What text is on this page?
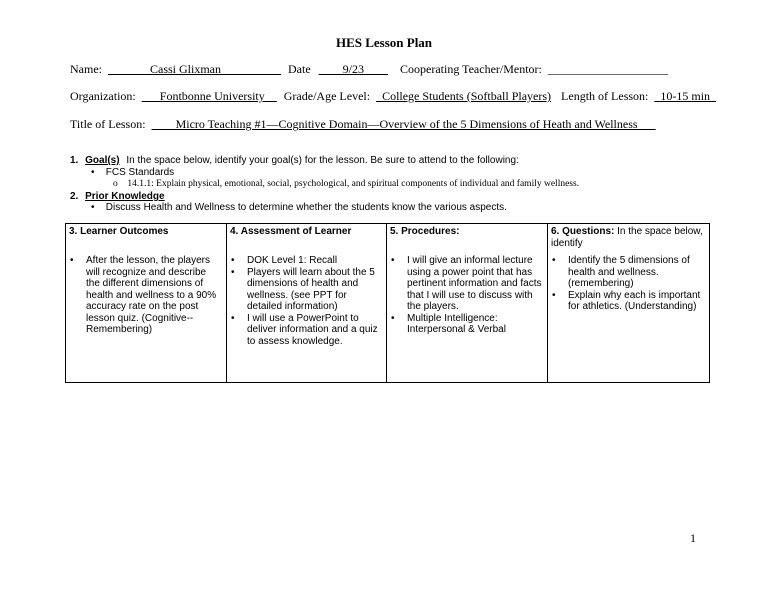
HES Lesson Plan
Name: _______Cassi Glixman__________ Date ____9/23____ Cooperating Teacher/Mentor: ____________________
Organization: ___Fontbonne University__ Grade/Age Level: _College Students (Softball Players) Length of Lesson: _10-15 min_
Title of Lesson: ____Micro Teaching #1—Cognitive Domain—Overview of the 5 Dimensions of Heath and Wellness___
1. Goal(s) In the space below, identify your goal(s) for the lesson. Be sure to attend to the following:
• FCS Standards
o 14.1.1: Explain physical, emotional, social, psychological, and spiritual components of individual and family wellness.
2. Prior Knowledge
• Discuss Health and Wellness to determine whether the students know the various aspects.
3. Learner Outcomes
•	After the lesson, the players will recognize and describe the different dimensions of health and wellness to a 90% accuracy rate on the post lesson quiz. (Cognitive--Remembering)

4. Assessment of Learner
•	DOK Level 1: Recall
•	Players will learn about the 5 dimensions of health and wellness. (see PPT for detailed information)
•	I will use a PowerPoint to deliver information and a quiz to assess knowledge.

5. Procedures:
•	I will give an informal lecture using a power point that has pertinent information and facts that I will use to discuss with the players.
•	Multiple Intelligence: Interpersonal & Verbal

6. Questions: In the space below, identify
•	Identify the 5 dimensions of health and wellness. (remembering)
•	Explain why each is important for athletics. (Understanding)
1
